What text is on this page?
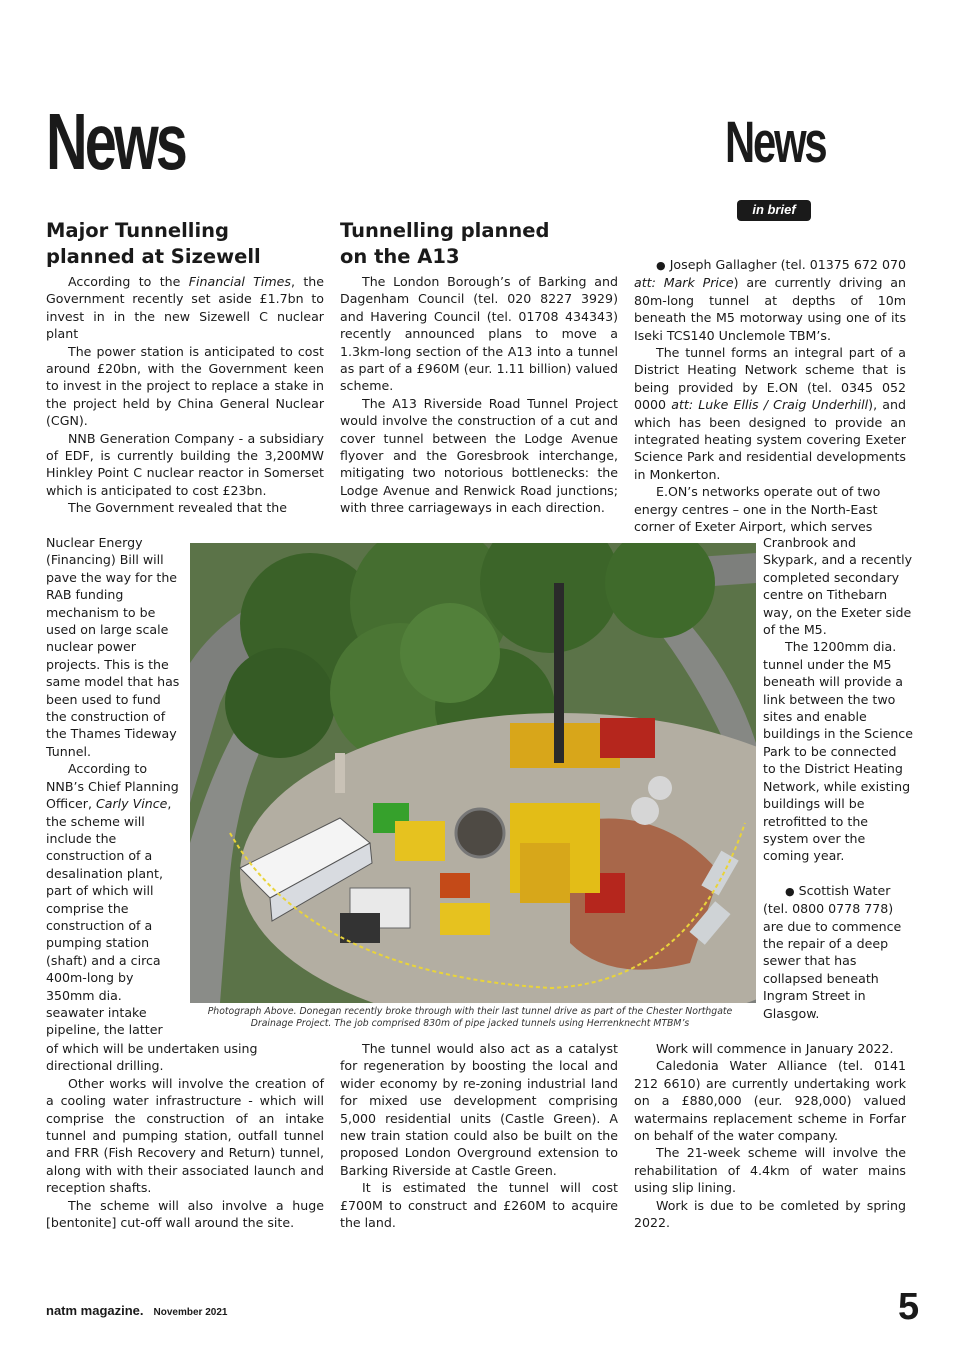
News	News
in brief
Major Tunnelling
planned at Sizewell

According to the Financial Times, the Government recently set aside £1.7bn to invest in in the new Sizewell C nuclear plant

The power station is anticipated to cost around £20bn, with the Government keen to invest in the project to replace a stake in the project held by China General Nuclear (CGN).

NNB Generation Company - a subsidiary of EDF, is currently building the 3,200MW Hinkley Point C nuclear reactor in Somerset which is anticipated to cost £23bn.

The Government revealed that the

Nuclear Energy (Financing) Bill will pave the way for the RAB funding mechanism to be used on large scale nuclear power projects. This is the same model that has been used to fund the construction of the Thames Tideway Tunnel.

According to NNB’s Chief Planning Officer, Carly Vince, the scheme will include the construction of a desalination plant, part of which will comprise the construction of a pumping station (shaft) and a circa 400m-long by 350mm dia. seawater intake pipeline, the latter

of which will be undertaken using directional drilling.

Other works will involve the creation of a cooling water infrastructure - which will comprise the construction of an intake tunnel and pumping station, outfall tunnel and FRR (Fish Recovery and Return) tunnel, along with with their associated launch and reception shafts.

The scheme will also involve a huge [bentonite] cut-off wall around the site.

Tunnelling planned
on the A13

The London Borough’s of Barking and Dagenham Council (tel. 020 8227 3929) and Havering Council (tel. 01708 434343) recently announced plans to move a 1.3km-long section of the A13 into a tunnel as part of a £960M (eur. 1.11 billion) valued scheme.

The A13 Riverside Road Tunnel Project would involve the construction of a cut and cover tunnel between the Lodge Avenue flyover and the Goresbrook interchange, mitigating two notorious bottlenecks: the Lodge Avenue and Renwick Road junctions; with three carriageways in each direction.

The tunnel would also act as a catalyst for regeneration by boosting the local and wider economy by re-zoning industrial land for mixed use development comprising 5,000 residential units (Castle Green). A new train station could also be built on the proposed London Overground extension to Barking Riverside at Castle Green.

It is estimated the tunnel will cost £700M to construct and £260M to acquire the land.

● Joseph Gallagher (tel. 01375 672 070 att: Mark Price) are currently driving an 80m-long tunnel at depths of 10m beneath the M5 motorway using one of its Iseki TCS140 Unclemole TBM’s.

The tunnel forms an integral part of a District Heating Network scheme that is being provided by E.ON (tel. 0345 052 0000 att: Luke Ellis / Craig Underhill), and which has been designed to provide an integrated heating system covering Exeter Science Park and residential developments in Monkerton.

E.ON’s networks operate out of two energy centres – one in the North-East corner of Exeter Airport, which serves

Cranbrook and Skypark, and a recently completed secondary centre on Tithebarn way, on the Exeter side of the M5.

The 1200mm dia. tunnel under the M5 beneath will provide a link between the two sites and enable buildings in the Science Park to be connected to the District Heating Network, while existing buildings will be retrofitted to the system over the coming year.

● Scottish Water (tel. 0800 0778 778) are due to commence the repair of a deep sewer that has collapsed beneath Ingram Street in Glasgow.

Work will commence in January 2022.

Caledonia Water Alliance (tel. 0141 212 6610) are currently undertaking work on a £880,000 (eur. 928,000) valued watermains replacement scheme in Forfar on behalf of the water company.

The 21-week scheme will involve the rehabilitation of 4.4km of water mains using slip lining.

Work is due to be comleted by spring 2022.

Photograph Above. Donegan recently broke through with their last tunnel drive as part of the Chester Northgate Drainage Project. The job comprised 830m of pipe jacked tunnels using Herrenknecht MTBM’s
natm magazine. November 2021	5
